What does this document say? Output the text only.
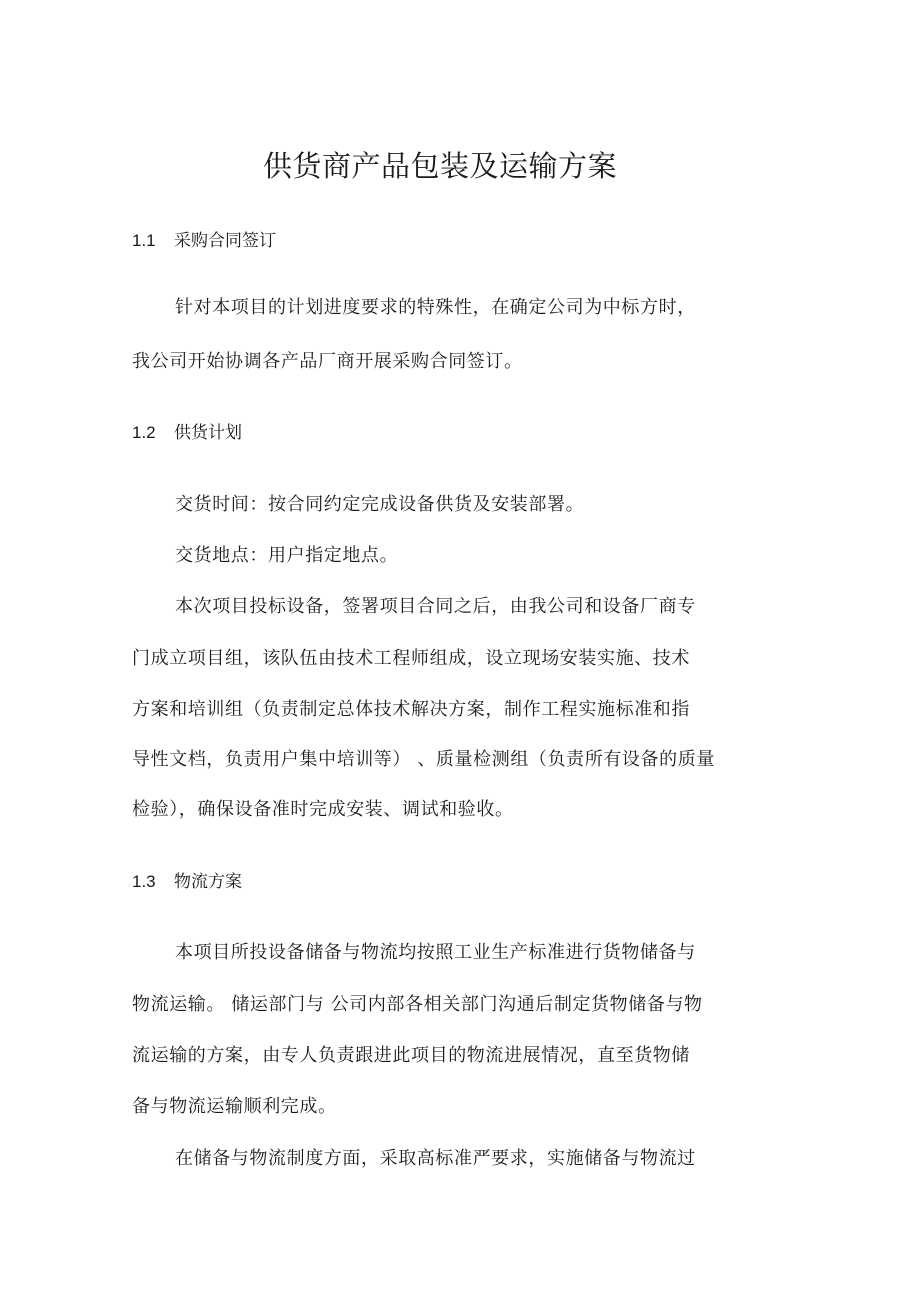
供货商产品包装及运输方案
1.1 采购合同签订
针对本项目的计划进度要求的特殊性，在确定公司为中标方时，
我公司开始协调各产品厂商开展采购合同签订。
1.2 供货计划
交货时间：按合同约定完成设备供货及安装部署。
交货地点：用户指定地点。
本次项目投标设备，签署项目合同之后，由我公司和设备厂商专
门成立项目组，该队伍由技术工程师组成，设立现场安装实施、技术
方案和培训组（负责制定总体技术解决方案，制作工程实施标准和指
导性文档，负责用户集中培训等） 、质量检测组（负责所有设备的质量
检验），确保设备准时完成安装、调试和验收。
1.3 物流方案
本项目所投设备储备与物流均按照工业生产标准进行货物储备与
物流运输。 储运部门与 公司内部各相关部门沟通后制定货物储备与物
流运输的方案，由专人负责跟进此项目的物流进展情况，直至货物储
备与物流运输顺利完成。
在储备与物流制度方面，采取高标准严要求，实施储备与物流过
